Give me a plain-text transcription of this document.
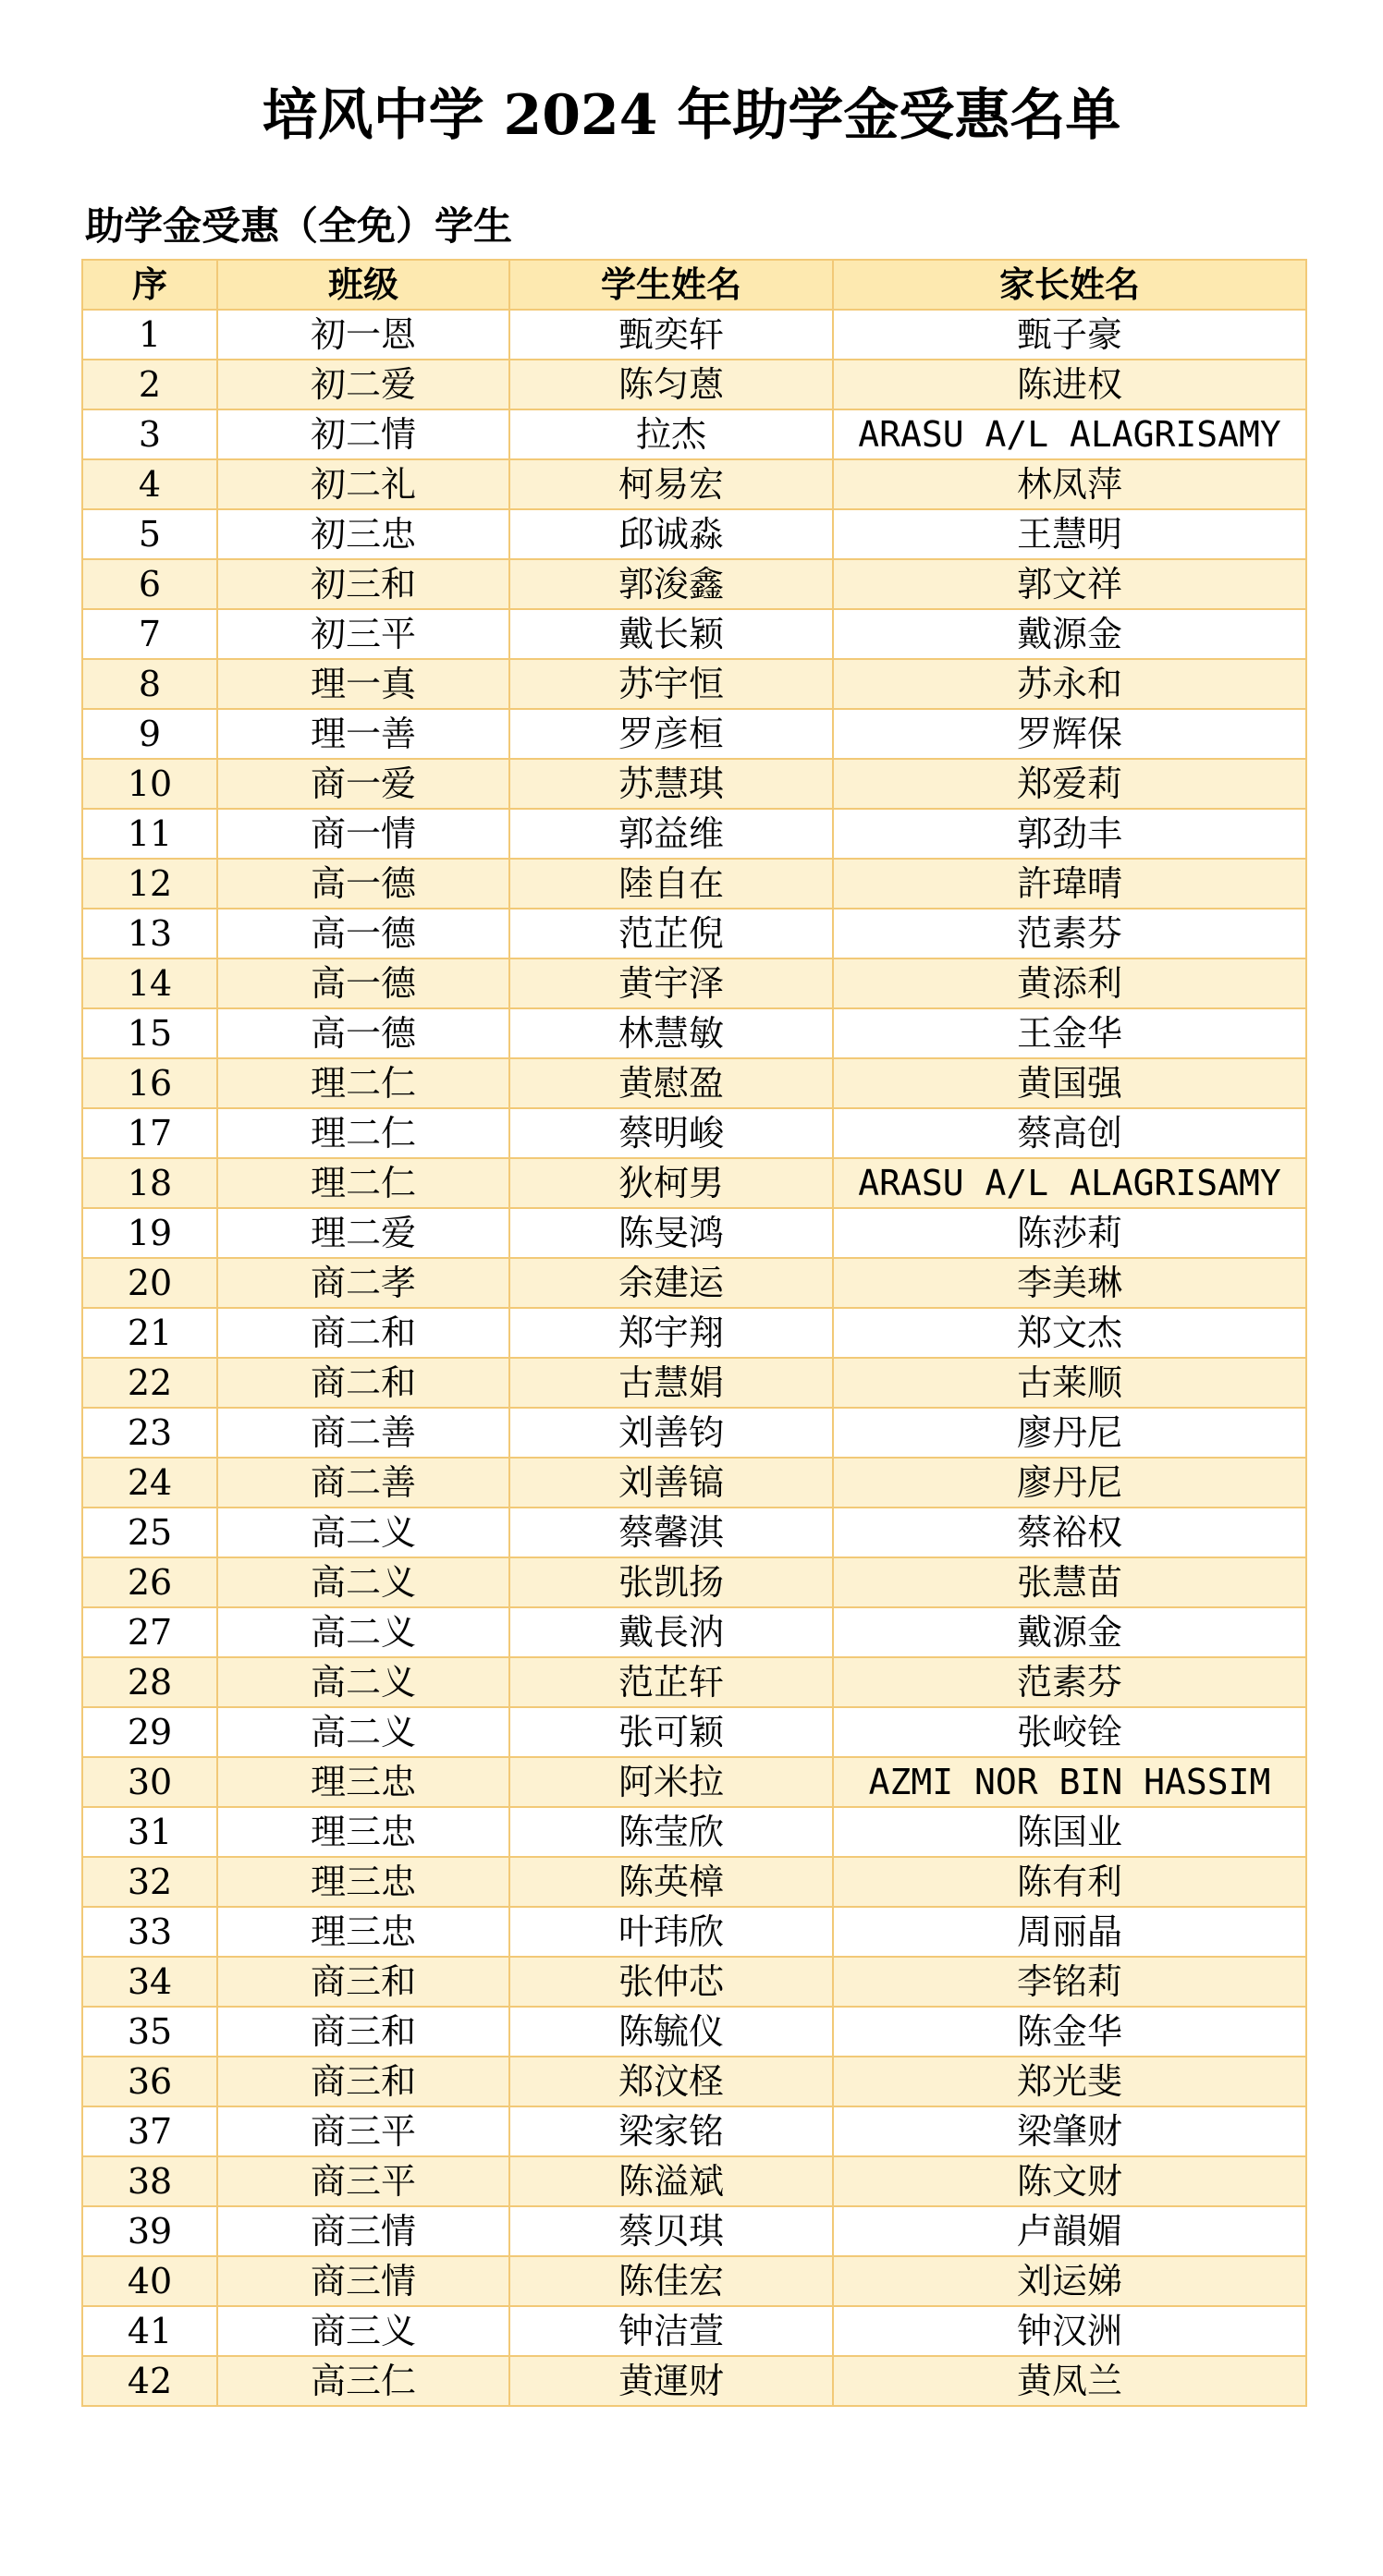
培风中学 2024 年助学金受惠名单
助学金受惠（全免）学生
序	班级	学生姓名	家长姓名
1	初一恩	甄奕轩	甄子豪
2	初二爱	陈匀蒽	陈进权
3	初二情	拉杰	ARASU A/L ALAGRISAMY
4	初二礼	柯易宏	林凤萍
5	初三忠	邱诚淼	王慧明
6	初三和	郭浚鑫	郭文祥
7	初三平	戴长颖	戴源金
8	理一真	苏宇恒	苏永和
9	理一善	罗彦桓	罗辉保
10	商一爱	苏慧琪	郑爱莉
11	商一情	郭益维	郭劲丰
12	高一德	陸自在	許瑋晴
13	高一德	范芷倪	范素芬
14	高一德	黄宇泽	黄添利
15	高一德	林慧敏	王金华
16	理二仁	黄慰盈	黄国强
17	理二仁	蔡明峻	蔡高创
18	理二仁	狄柯男	ARASU A/L ALAGRISAMY
19	理二爱	陈旻鸿	陈莎莉
20	商二孝	余建运	李美琳
21	商二和	郑宇翔	郑文杰
22	商二和	古慧娟	古莱顺
23	商二善	刘善钧	廖丹尼
24	商二善	刘善镐	廖丹尼
25	高二义	蔡馨淇	蔡裕权
26	高二义	张凯扬	张慧苗
27	高二义	戴長汭	戴源金
28	高二义	范芷轩	范素芬
29	高二义	张可颖	张峧铨
30	理三忠	阿米拉	AZMI NOR BIN HASSIM
31	理三忠	陈莹欣	陈国业
32	理三忠	陈英樟	陈有利
33	理三忠	叶玮欣	周丽晶
34	商三和	张仲芯	李铭莉
35	商三和	陈毓仪	陈金华
36	商三和	郑汶柽	郑光斐
37	商三平	梁家铭	梁肇财
38	商三平	陈溢斌	陈文财
39	商三情	蔡贝琪	卢韻媚
40	商三情	陈佳宏	刘运娣
41	商三义	钟洁萱	钟汉洲
42	高三仁	黄運财	黄凤兰
